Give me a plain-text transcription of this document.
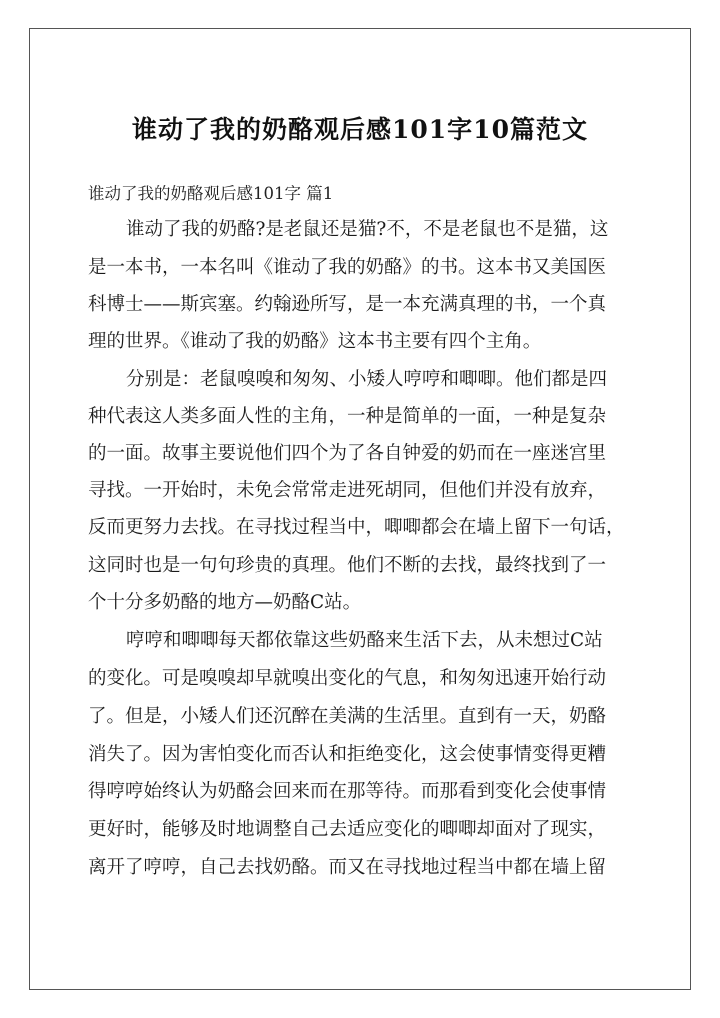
谁动了我的奶酪观后感101字10篇范文
谁动了我的奶酪观后感101字 篇1
谁动了我的奶酪?是老鼠还是猫?不，不是老鼠也不是猫，这
是一本书，一本名叫《谁动了我的奶酪》的书。这本书又美国医
科博士——斯宾塞。约翰逊所写，是一本充满真理的书，一个真
理的世界。《谁动了我的奶酪》这本书主要有四个主角。
分别是：老鼠嗅嗅和匆匆、小矮人哼哼和唧唧。他们都是四
种代表这人类多面人性的主角，一种是简单的一面，一种是复杂
的一面。故事主要说他们四个为了各自钟爱的奶而在一座迷宫里
寻找。一开始时，未免会常常走进死胡同，但他们并没有放弃，
反而更努力去找。在寻找过程当中，唧唧都会在墙上留下一句话，
这同时也是一句句珍贵的真理。他们不断的去找，最终找到了一
个十分多奶酪的地方—奶酪C站。
哼哼和唧唧每天都依靠这些奶酪来生活下去，从未想过C站
的变化。可是嗅嗅却早就嗅出变化的气息，和匆匆迅速开始行动
了。但是，小矮人们还沉醉在美满的生活里。直到有一天，奶酪
消失了。因为害怕变化而否认和拒绝变化，这会使事情变得更糟
得哼哼始终认为奶酪会回来而在那等待。而那看到变化会使事情
更好时，能够及时地调整自己去适应变化的唧唧却面对了现实，
离开了哼哼，自己去找奶酪。而又在寻找地过程当中都在墙上留
